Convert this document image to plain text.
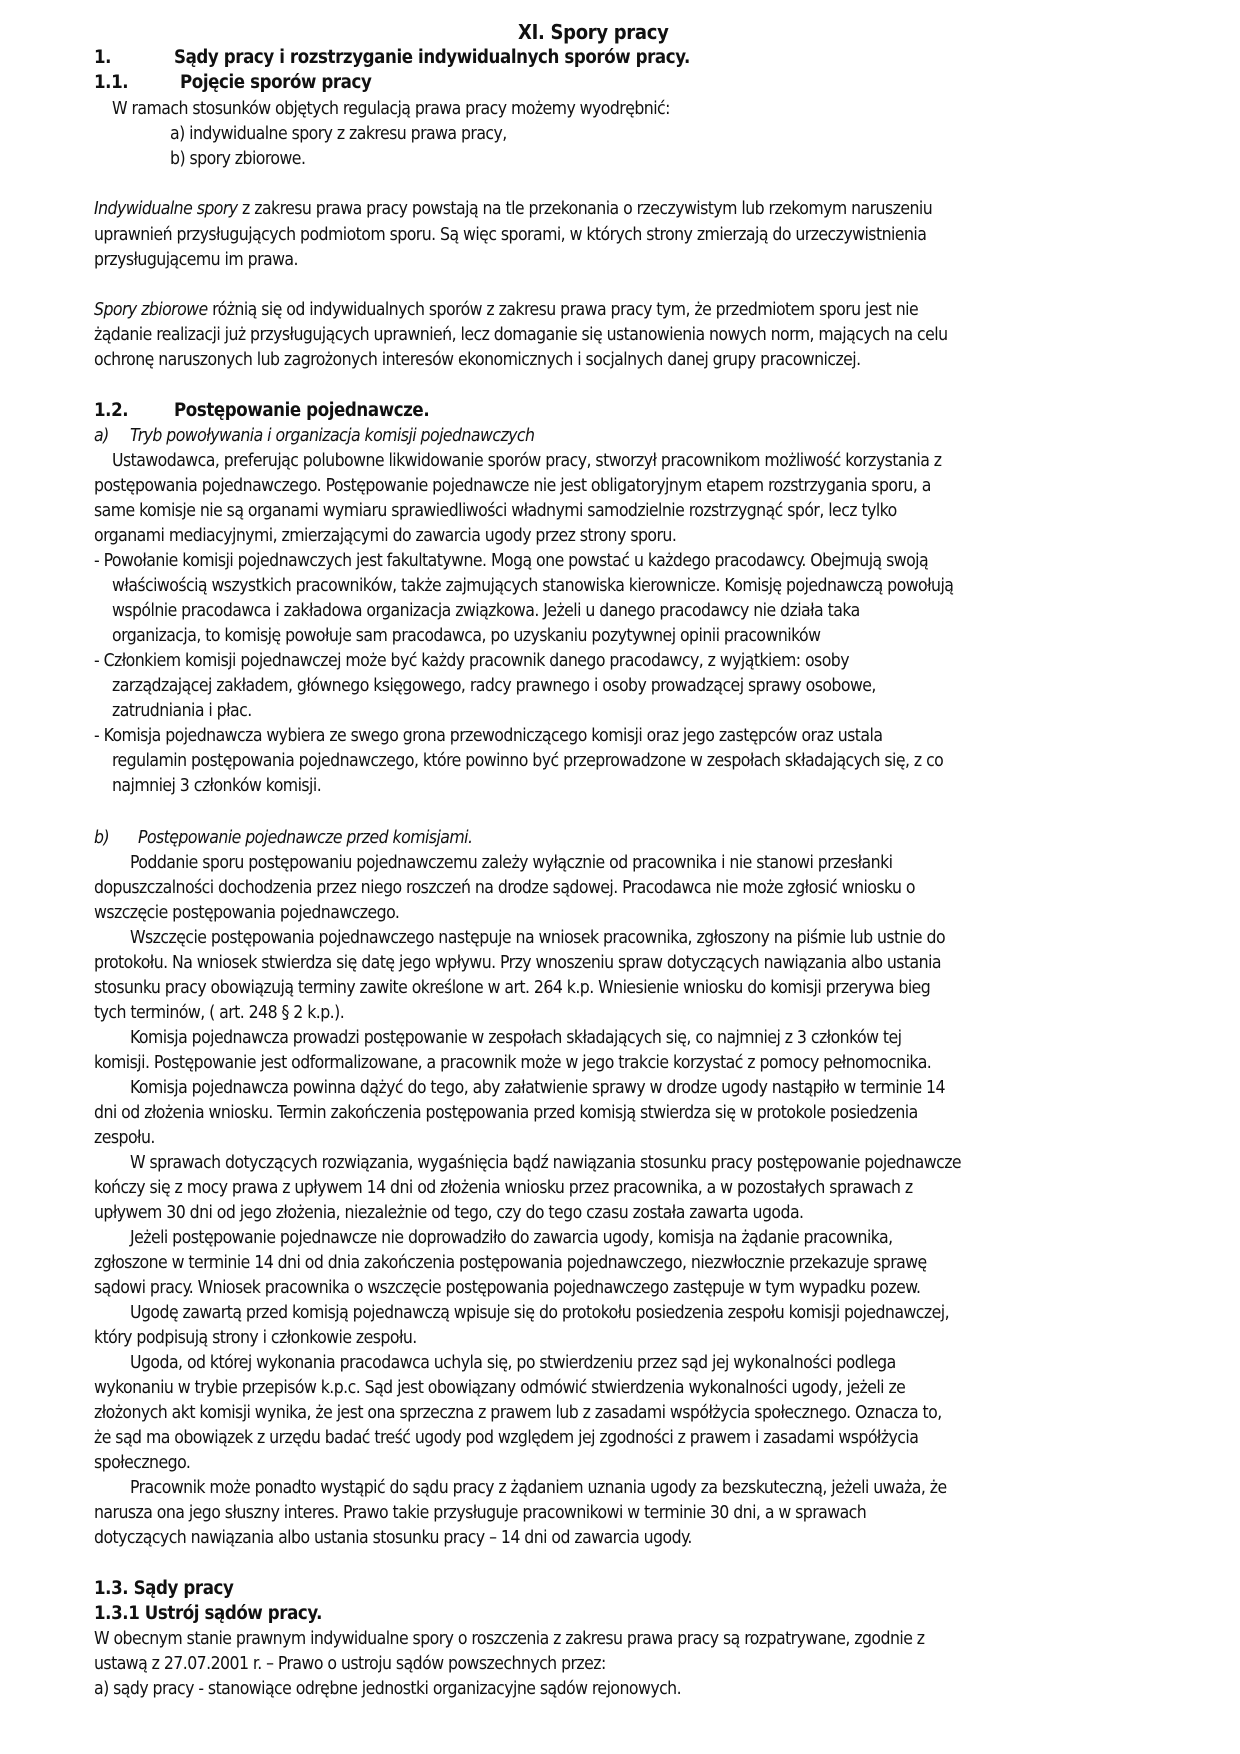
XI. Spory pracy
1.	Sądy pracy i rozstrzyganie indywidualnych sporów pracy.
1.1.	Pojęcie sporów pracy
W ramach stosunków objętych regulacją prawa pracy możemy wyodrębnić:
a) indywidualne spory z zakresu prawa pracy,
b) spory zbiorowe.
Indywidualne spory z zakresu prawa pracy powstają na tle przekonania o rzeczywistym lub rzekomym naruszeniu
uprawnień przysługujących podmiotom sporu. Są więc sporami, w których strony zmierzają do urzeczywistnienia
przysługującemu im prawa.
Spory zbiorowe różnią się od indywidualnych sporów z zakresu prawa pracy tym, że przedmiotem sporu jest nie
żądanie realizacji już przysługujących uprawnień, lecz domaganie się ustanowienia nowych norm, mających na celu
ochronę naruszonych lub zagrożonych interesów ekonomicznych i socjalnych danej grupy pracowniczej.
1.2. Postępowanie pojednawcze.
a) Tryb powoływania i organizacja komisji pojednawczych
Ustawodawca, preferując polubowne likwidowanie sporów pracy, stworzył pracownikom możliwość korzystania z
postępowania pojednawczego. Postępowanie pojednawcze nie jest obligatoryjnym etapem rozstrzygania sporu, a
same komisje nie są organami wymiaru sprawiedliwości władnymi samodzielnie rozstrzygnąć spór, lecz tylko
organami mediacyjnymi, zmierzającymi do zawarcia ugody przez strony sporu.
- Powołanie komisji pojednawczych jest fakultatywne. Mogą one powstać u każdego pracodawcy. Obejmują swoją
właściwością wszystkich pracowników, także zajmujących stanowiska kierownicze. Komisję pojednawczą powołują
wspólnie pracodawca i zakładowa organizacja związkowa. Jeżeli u danego pracodawcy nie działa taka
organizacja, to komisję powołuje sam pracodawca, po uzyskaniu pozytywnej opinii pracowników
- Członkiem komisji pojednawczej może być każdy pracownik danego pracodawcy, z wyjątkiem: osoby
zarządzającej zakładem, głównego księgowego, radcy prawnego i osoby prowadzącej sprawy osobowe,
zatrudniania i płac.
- Komisja pojednawcza wybiera ze swego grona przewodniczącego komisji oraz jego zastępców oraz ustala
regulamin postępowania pojednawczego, które powinno być przeprowadzone w zespołach składających się, z co
najmniej 3 członków komisji.
b) Postępowanie pojednawcze przed komisjami.
Poddanie sporu postępowaniu pojednawczemu zależy wyłącznie od pracownika i nie stanowi przesłanki
dopuszczalności dochodzenia przez niego roszczeń na drodze sądowej. Pracodawca nie może zgłosić wniosku o
wszczęcie postępowania pojednawczego.
Wszczęcie postępowania pojednawczego następuje na wniosek pracownika, zgłoszony na piśmie lub ustnie do
protokołu. Na wniosek stwierdza się datę jego wpływu. Przy wnoszeniu spraw dotyczących nawiązania albo ustania
stosunku pracy obowiązują terminy zawite określone w art. 264 k.p. Wniesienie wniosku do komisji przerywa bieg
tych terminów, ( art. 248 § 2 k.p.).
Komisja pojednawcza prowadzi postępowanie w zespołach składających się, co najmniej z 3 członków tej
komisji. Postępowanie jest odformalizowane, a pracownik może w jego trakcie korzystać z pomocy pełnomocnika.
Komisja pojednawcza powinna dążyć do tego, aby załatwienie sprawy w drodze ugody nastąpiło w terminie 14
dni od złożenia wniosku. Termin zakończenia postępowania przed komisją stwierdza się w protokole posiedzenia
zespołu.
W sprawach dotyczących rozwiązania, wygaśnięcia bądź nawiązania stosunku pracy postępowanie pojednawcze
kończy się z mocy prawa z upływem 14 dni od złożenia wniosku przez pracownika, a w pozostałych sprawach z
upływem 30 dni od jego złożenia, niezależnie od tego, czy do tego czasu została zawarta ugoda.
Jeżeli postępowanie pojednawcze nie doprowadziło do zawarcia ugody, komisja na żądanie pracownika,
zgłoszone w terminie 14 dni od dnia zakończenia postępowania pojednawczego, niezwłocznie przekazuje sprawę
sądowi pracy. Wniosek pracownika o wszczęcie postępowania pojednawczego zastępuje w tym wypadku pozew.
Ugodę zawartą przed komisją pojednawczą wpisuje się do protokołu posiedzenia zespołu komisji pojednawczej,
który podpisują strony i członkowie zespołu.
Ugoda, od której wykonania pracodawca uchyla się, po stwierdzeniu przez sąd jej wykonalności podlega
wykonaniu w trybie przepisów k.p.c. Sąd jest obowiązany odmówić stwierdzenia wykonalności ugody, jeżeli ze
złożonych akt komisji wynika, że jest ona sprzeczna z prawem lub z zasadami współżycia społecznego. Oznacza to,
że sąd ma obowiązek z urzędu badać treść ugody pod względem jej zgodności z prawem i zasadami współżycia
społecznego.
Pracownik może ponadto wystąpić do sądu pracy z żądaniem uznania ugody za bezskuteczną, jeżeli uważa, że
narusza ona jego słuszny interes. Prawo takie przysługuje pracownikowi w terminie 30 dni, a w sprawach
dotyczących nawiązania albo ustania stosunku pracy – 14 dni od zawarcia ugody.
1.3. Sądy pracy
1.3.1 Ustrój sądów pracy.
W obecnym stanie prawnym indywidualne spory o roszczenia z zakresu prawa pracy są rozpatrywane, zgodnie z
ustawą z 27.07.2001 r. – Prawo o ustroju sądów powszechnych przez:
a) sądy pracy - stanowiące odrębne jednostki organizacyjne sądów rejonowych.
